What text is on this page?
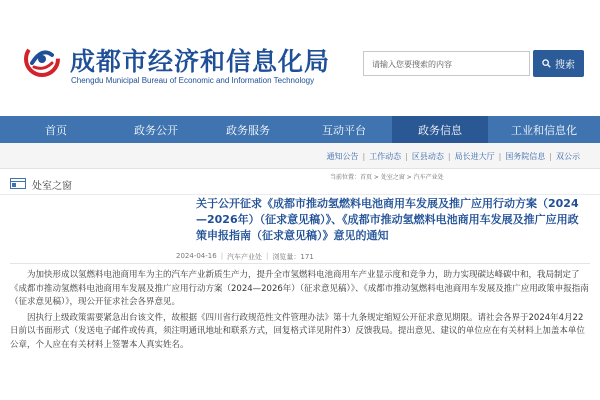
成都市经济和信息化局
Chengdu Municipal Bureau of Economic and Information Technology
请输入您要搜索的内容	搜索
首页	政务公开	政务服务	互动平台	政务信息	工业和信息化
通知公告 | 工作动态 | 区县动态 | 局长进大厅 | 国务院信息 | 双公示
处室之窗
当前位置：首页 > 处室之窗 > 汽车产业处
关于公开征求《成都市推动氢燃料电池商用车发展及推广应用行动方案（2024—2026年）（征求意见稿）》、《成都市推动氢燃料电池商用车发展及推广应用政策申报指南（征求意见稿）》意见的通知
2024-04-16 | 汽车产业处 | 浏览量：171

为加快形成以氢燃料电池商用车为主的汽车产业新质生产力，提升全市氢燃料电池商用车产业显示度和竞争力，助力实现碳达峰碳中和，我局制定了《成都市推动氢燃料电池商用车发展及推广应用行动方案（2024—2026年）（征求意见稿）》、《成都市推动氢燃料电池商用车发展及推广应用政策申报指南（征求意见稿）》，现公开征求社会各界意见。

因执行上级政策需要紧急出台该文件，故根据《四川省行政规范性文件管理办法》第十九条规定缩短公开征求意见期限。请社会各界于2024年4月22日前以书面形式（发送电子邮件或传真，须注明通讯地址和联系方式，回复格式详见附件3）反馈我局。提出意见、建议的单位应在有关材料上加盖本单位公章，个人应在有关材料上签署本人真实姓名。
